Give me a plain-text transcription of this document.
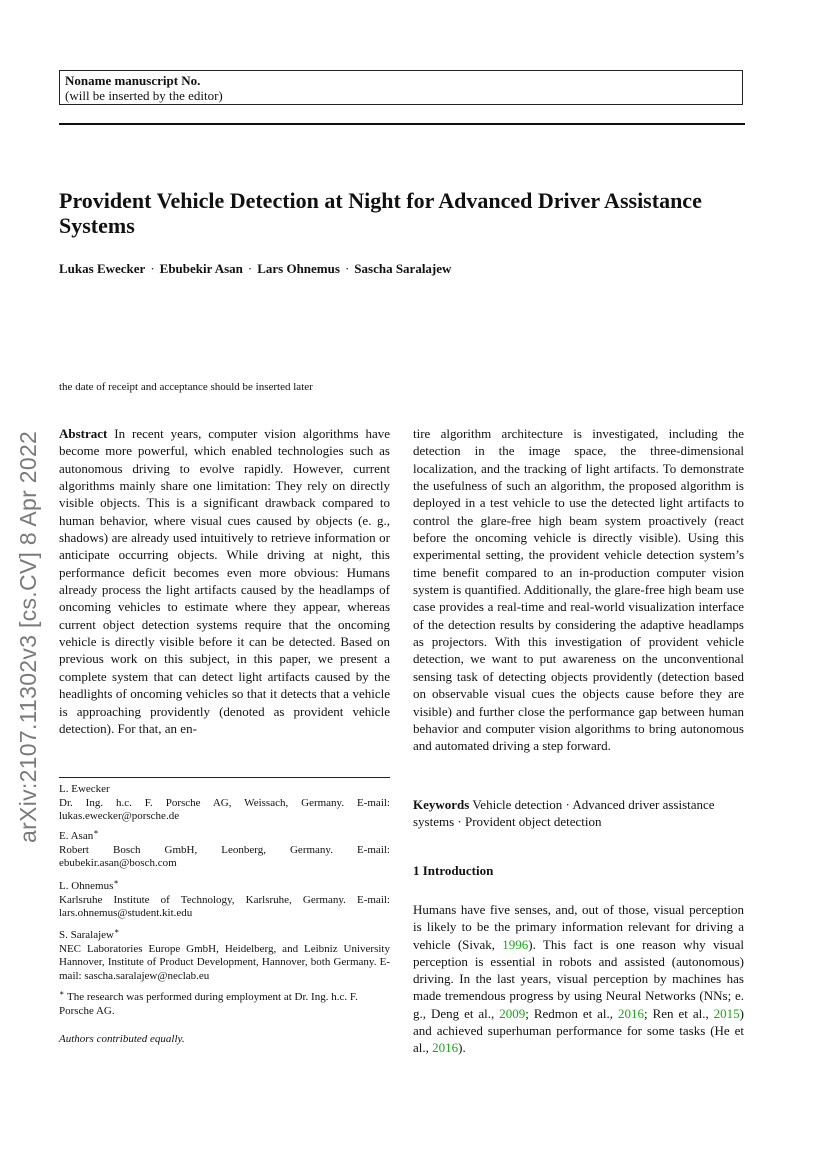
Noname manuscript No.
(will be inserted by the editor)
Provident Vehicle Detection at Night for Advanced Driver Assistance Systems
Lukas Ewecker · Ebubekir Asan · Lars Ohnemus · Sascha Saralajew
arXiv:2107.11302v3 [cs.CV] 8 Apr 2022
the date of receipt and acceptance should be inserted later
Abstract In recent years, computer vision algorithms have become more powerful, which enabled technologies such as autonomous driving to evolve rapidly. However, current algorithms mainly share one limitation: They rely on directly visible objects. This is a significant drawback compared to human behavior, where visual cues caused by objects (e. g., shadows) are already used intuitively to retrieve information or anticipate occurring objects. While driving at night, this performance deficit becomes even more obvious: Humans already process the light artifacts caused by the headlamps of oncoming vehicles to estimate where they appear, whereas current object detection systems require that the oncoming vehicle is directly visible before it can be detected. Based on previous work on this subject, in this paper, we present a complete system that can detect light artifacts caused by the headlights of oncoming vehicles so that it detects that a vehicle is approaching providently (denoted as provident vehicle detection). For that, an en-
tire algorithm architecture is investigated, including the detection in the image space, the three-dimensional localization, and the tracking of light artifacts. To demonstrate the usefulness of such an algorithm, the proposed algorithm is deployed in a test vehicle to use the detected light artifacts to control the glare-free high beam system proactively (react before the oncoming vehicle is directly visible). Using this experimental setting, the provident vehicle detection system’s time benefit compared to an in-production computer vision system is quantified. Additionally, the glare-free high beam use case provides a real-time and real-world visualization interface of the detection results by considering the adaptive headlamps as projectors. With this investigation of provident vehicle detection, we want to put awareness on the unconventional sensing task of detecting objects providently (detection based on observable visual cues the objects cause before they are visible) and further close the performance gap between human behavior and computer vision algorithms to bring autonomous and automated driving a step forward.
Keywords Vehicle detection · Advanced driver assistance systems · Provident object detection
L. Ewecker
Dr. Ing. h.c. F. Porsche AG, Weissach, Germany. E-mail: lukas.ewecker@porsche.de
E. Asan∗
Robert Bosch GmbH, Leonberg, Germany. E-mail: ebubekir.asan@bosch.com
L. Ohnemus∗
Karlsruhe Institute of Technology, Karlsruhe, Germany. E-mail: lars.ohnemus@student.kit.edu
S. Saralajew∗
NEC Laboratories Europe GmbH, Heidelberg, and Leibniz University Hannover, Institute of Product Development, Hannover, both Germany. E-mail: sascha.saralajew@neclab.eu
∗ The research was performed during employment at Dr. Ing. h.c. F. Porsche AG.
Authors contributed equally.
1 Introduction
Humans have five senses, and, out of those, visual perception is likely to be the primary information relevant for driving a vehicle (Sivak, 1996). This fact is one reason why visual perception is essential in robots and assisted (autonomous) driving. In the last years, visual perception by machines has made tremendous progress by using Neural Networks (NNs; e. g., Deng et al., 2009; Redmon et al., 2016; Ren et al., 2015) and achieved superhuman performance for some tasks (He et al., 2016).
